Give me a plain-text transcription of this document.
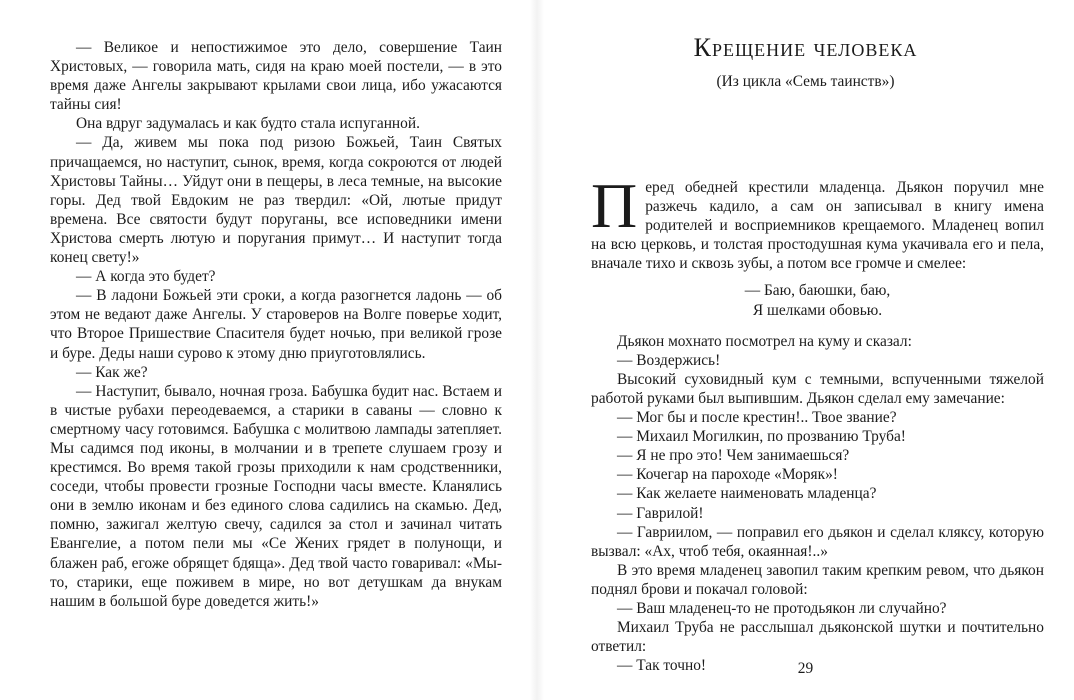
— Великое и непостижимое это дело, совершение Таин Христовых, — говорила мать, сидя на краю моей постели, — в это время даже Ангелы закрывают крылами свои лица, ибо ужасаются тайны сия!

Она вдруг задумалась и как будто стала испуганной.

— Да, живем мы пока под ризою Божьей, Таин Святых причащаемся, но наступит, сынок, время, когда сокроются от людей Христовы Тайны… Уйдут они в пещеры, в леса темные, на высокие горы. Дед твой Евдоким не раз твердил: «Ой, лютые придут времена. Все святости будут поруганы, все исповедники имени Христова смерть лютую и поругания примут… И наступит тогда конец свету!»

— А когда это будет?

— В ладони Божьей эти сроки, а когда разогнется ладонь — об этом не ведают даже Ангелы. У староверов на Волге поверье ходит, что Второе Пришествие Спасителя будет ночью, при великой грозе и буре. Деды наши сурово к этому дню приуготовлялись.

— Как же?

— Наступит, бывало, ночная гроза. Бабушка будит нас. Встаем и в чистые рубахи переодеваемся, а старики в саваны — словно к смертному часу готовимся. Бабушка с молитвою лампады затепляет. Мы садимся под иконы, в молчании и в трепете слушаем грозу и крестимся. Во время такой грозы приходили к нам сродственники, соседи, чтобы провести грозные Господни часы вместе. Кланялись они в землю иконам и без единого слова садились на скамью. Дед, помню, зажигал желтую свечу, садился за стол и зачинал читать Евангелие, а потом пели мы «Се Жених грядет в полунощи, и блажен раб, егоже обрящет бдяща». Дед твой часто говаривал: «Мы-то, старики, еще поживем в мире, но вот детушкам да внукам нашим в большой буре доведется жить!»

Крещение человека
(Из цикла «Семь таинств»)

Перед обедней крестили младенца. Дьякон поручил мне разжечь кадило, а сам он записывал в книгу имена родителей и восприемников крещаемого. Младенец вопил на всю церковь, и толстая простодушная кума укачивала его и пела, вначале тихо и сквозь зубы, а потом все громче и смелее:

— Баю, баюшки, баю,
Я шелками обовью.

Дьякон мохнато посмотрел на куму и сказал:

— Воздержись!

Высокий суховидный кум с темными, вспученными тяжелой работой руками был выпившим. Дьякон сделал ему замечание:

— Мог бы и после крестин!.. Твое звание?

— Михаил Могилкин, по прозванию Труба!

— Я не про это! Чем занимаешься?

— Кочегар на пароходе «Моряк»!

— Как желаете наименовать младенца?

— Гаврилой!

— Гавриилом, — поправил его дьякон и сделал кляксу, которую вызвал: «Ах, чтоб тебя, окаянная!..»

В это время младенец завопил таким крепким ревом, что дьякон поднял брови и покачал головой:

— Ваш младенец-то не протодьякон ли случайно?

Михаил Труба не расслышал дьяконской шутки и почтительно ответил:

— Так точно!	29
